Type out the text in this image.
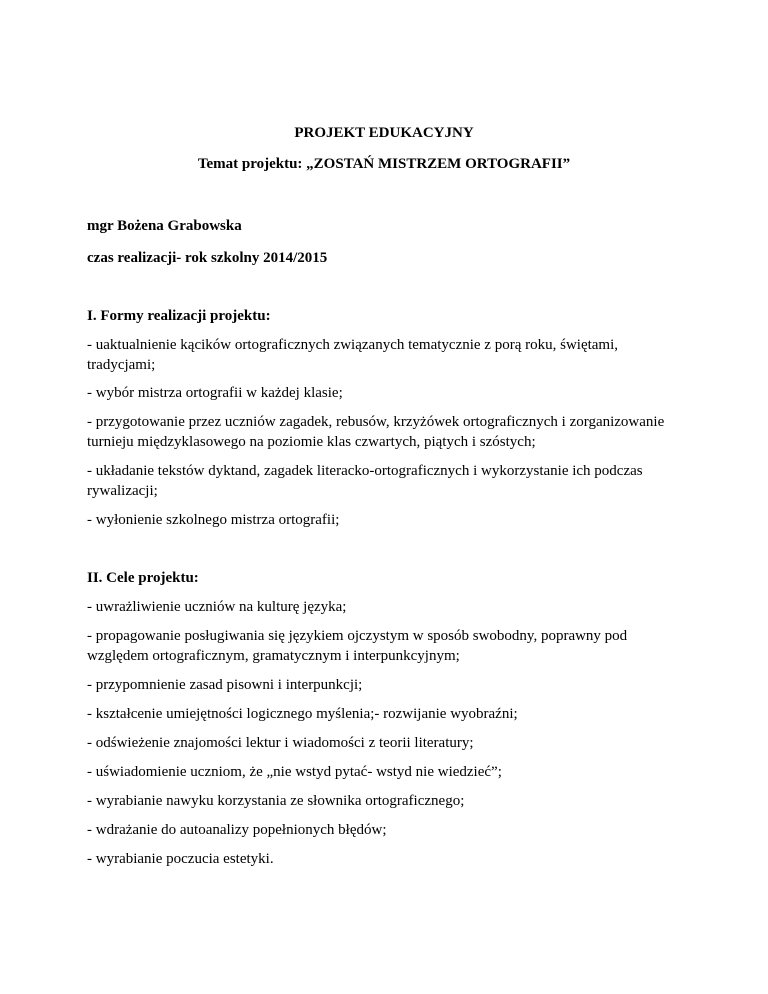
PROJEKT EDUKACYJNY

Temat projektu: „ZOSTAŃ MISTRZEM ORTOGRAFII”

mgr Bożena Grabowska

czas realizacji- rok szkolny 2014/2015

I. Formy realizacji projektu:

- uaktualnienie kącików ortograficznych związanych tematycznie z porą roku, świętami, tradycjami;

- wybór mistrza ortografii w każdej klasie;

- przygotowanie przez uczniów zagadek, rebusów, krzyżówek ortograficznych i zorganizowanie turnieju międzyklasowego na poziomie klas czwartych, piątych i szóstych;

- układanie tekstów dyktand, zagadek literacko-ortograficznych i wykorzystanie ich podczas rywalizacji;

- wyłonienie szkolnego mistrza ortografii;

II. Cele projektu:

- uwrażliwienie uczniów na kulturę języka;

- propagowanie posługiwania się językiem ojczystym w sposób swobodny, poprawny pod względem ortograficznym, gramatycznym i interpunkcyjnym;

- przypomnienie zasad pisowni i interpunkcji;

- kształcenie umiejętności logicznego myślenia;- rozwijanie wyobraźni;

- odświeżenie znajomości lektur i wiadomości z teorii literatury;

- uświadomienie uczniom, że „nie wstyd pytać- wstyd nie wiedzieć”;

- wyrabianie nawyku korzystania ze słownika ortograficznego;

- wdrażanie do autoanalizy popełnionych błędów;

- wyrabianie poczucia estetyki.
